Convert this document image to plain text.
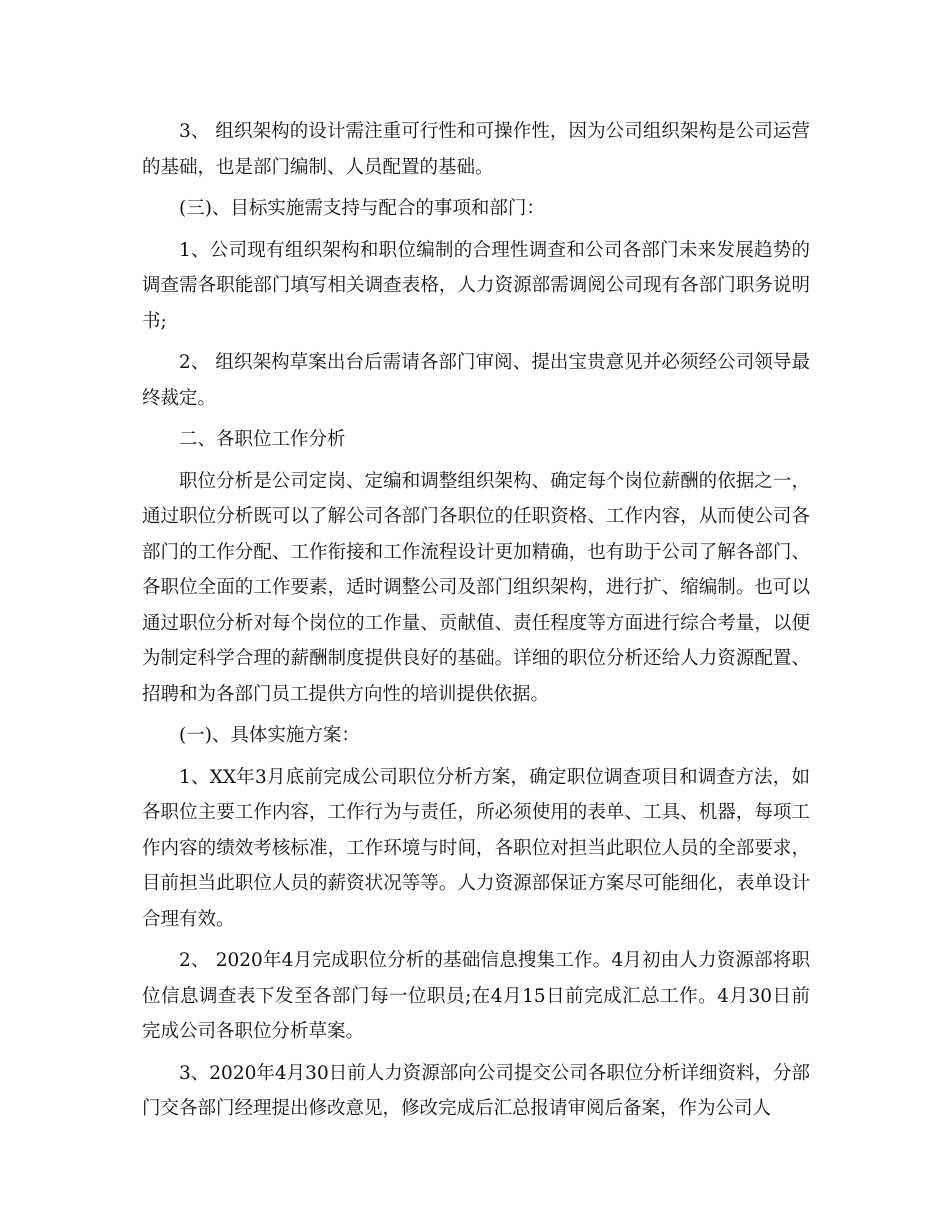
3、 组织架构的设计需注重可行性和可操作性，因为公司组织架构是公司运营的基础，也是部门编制、人员配置的基础。

(三)、目标实施需支持与配合的事项和部门：

1、公司现有组织架构和职位编制的合理性调查和公司各部门未来发展趋势的调查需各职能部门填写相关调查表格，人力资源部需调阅公司现有各部门职务说明书;

2、 组织架构草案出台后需请各部门审阅、提出宝贵意见并必须经公司领导最终裁定。

二、各职位工作分析

职位分析是公司定岗、定编和调整组织架构、确定每个岗位薪酬的依据之一，通过职位分析既可以了解公司各部门各职位的任职资格、工作内容，从而使公司各部门的工作分配、工作衔接和工作流程设计更加精确，也有助于公司了解各部门、各职位全面的工作要素，适时调整公司及部门组织架构，进行扩、缩编制。也可以通过职位分析对每个岗位的工作量、贡献值、责任程度等方面进行综合考量，以便为制定科学合理的薪酬制度提供良好的基础。详细的职位分析还给人力资源配置、招聘和为各部门员工提供方向性的培训提供依据。

(一)、具体实施方案：

1、XX年3月底前完成公司职位分析方案，确定职位调查项目和调查方法，如各职位主要工作内容，工作行为与责任，所必须使用的表单、工具、机器，每项工作内容的绩效考核标准，工作环境与时间，各职位对担当此职位人员的全部要求，目前担当此职位人员的薪资状况等等。人力资源部保证方案尽可能细化，表单设计合理有效。

2、 2020年4月完成职位分析的基础信息搜集工作。4月初由人力资源部将职位信息调查表下发至各部门每一位职员;在4月15日前完成汇总工作。4月30日前完成公司各职位分析草案。

3、2020年4月30日前人力资源部向公司提交公司各职位分析详细资料，分部门交各部门经理提出修改意见，修改完成后汇总报请审阅后备案，作为公司人
